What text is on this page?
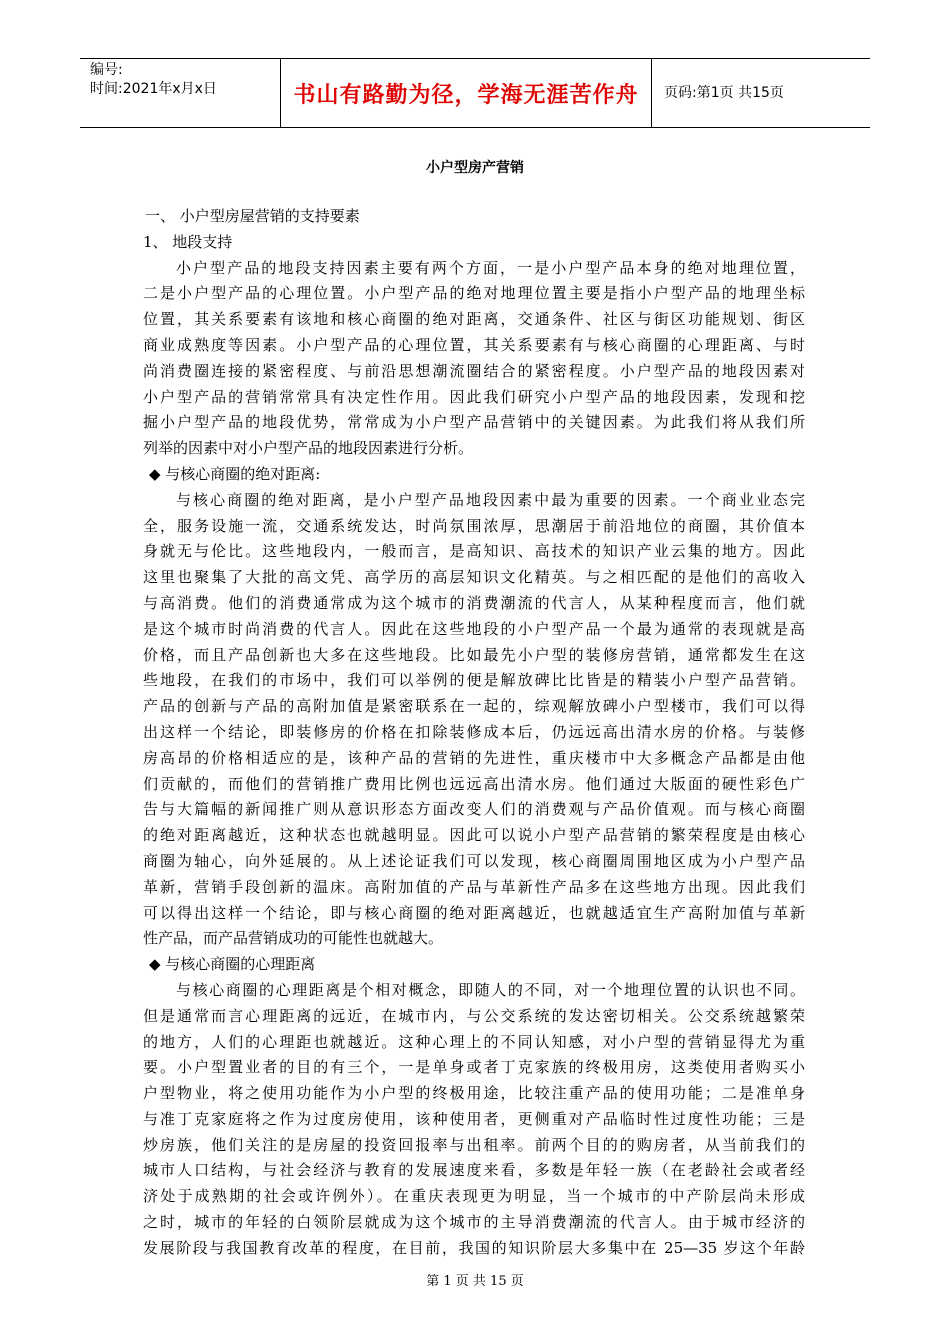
编号:
时间:2021年x月x日	书山有路勤为径，学海无涯苦作舟	页码:第1页 共15页
小户型房产营销
一、 小户型房屋营销的支持要素
1、 地段支持
小户型产品的地段支持因素主要有两个方面，一是小户型产品本身的绝对地理位置，
二是小户型产品的心理位置。小户型产品的绝对地理位置主要是指小户型产品的地理坐标
位置，其关系要素有该地和核心商圈的绝对距离，交通条件、社区与街区功能规划、街区
商业成熟度等因素。小户型产品的心理位置，其关系要素有与核心商圈的心理距离、与时
尚消费圈连接的紧密程度、与前沿思想潮流圈结合的紧密程度。小户型产品的地段因素对
小户型产品的营销常常具有决定性作用。因此我们研究小户型产品的地段因素，发现和挖
掘小户型产品的地段优势，常常成为小户型产品营销中的关键因素。为此我们将从我们所
列举的因素中对小户型产品的地段因素进行分析。
◆ 与核心商圈的绝对距离:
与核心商圈的绝对距离，是小户型产品地段因素中最为重要的因素。一个商业业态完
全，服务设施一流，交通系统发达，时尚氛围浓厚，思潮居于前沿地位的商圈，其价值本
身就无与伦比。这些地段内，一般而言，是高知识、高技术的知识产业云集的地方。因此
这里也聚集了大批的高文凭、高学历的高层知识文化精英。与之相匹配的是他们的高收入
与高消费。他们的消费通常成为这个城市的消费潮流的代言人，从某种程度而言，他们就
是这个城市时尚消费的代言人。因此在这些地段的小户型产品一个最为通常的表现就是高
价格，而且产品创新也大多在这些地段。比如最先小户型的装修房营销，通常都发生在这
些地段，在我们的市场中，我们可以举例的便是解放碑比比皆是的精装小户型产品营销。
产品的创新与产品的高附加值是紧密联系在一起的，综观解放碑小户型楼市，我们可以得
出这样一个结论，即装修房的价格在扣除装修成本后，仍远远高出清水房的价格。与装修
房高昂的价格相适应的是，该种产品的营销的先进性，重庆楼市中大多概念产品都是由他
们贡献的，而他们的营销推广费用比例也远远高出清水房。他们通过大版面的硬性彩色广
告与大篇幅的新闻推广则从意识形态方面改变人们的消费观与产品价值观。而与核心商圈
的绝对距离越近，这种状态也就越明显。因此可以说小户型产品营销的繁荣程度是由核心
商圈为轴心，向外延展的。从上述论证我们可以发现，核心商圈周围地区成为小户型产品
革新，营销手段创新的温床。高附加值的产品与革新性产品多在这些地方出现。因此我们
可以得出这样一个结论，即与核心商圈的绝对距离越近，也就越适宜生产高附加值与革新
性产品，而产品营销成功的可能性也就越大。
◆ 与核心商圈的心理距离
与核心商圈的心理距离是个相对概念，即随人的不同，对一个地理位置的认识也不同。
但是通常而言心理距离的远近，在城市内，与公交系统的发达密切相关。公交系统越繁荣
的地方，人们的心理距也就越近。这种心理上的不同认知感，对小户型的营销显得尤为重
要。小户型置业者的目的有三个，一是单身或者丁克家族的终极用房，这类使用者购买小
户型物业，将之使用功能作为小户型的终极用途，比较注重产品的使用功能；二是准单身
与准丁克家庭将之作为过度房使用，该种使用者，更侧重对产品临时性过度性功能；三是
炒房族，他们关注的是房屋的投资回报率与出租率。前两个目的的购房者，从当前我们的
城市人口结构，与社会经济与教育的发展速度来看，多数是年轻一族（在老龄社会或者经
济处于成熟期的社会或许例外）。在重庆表现更为明显，当一个城市的中产阶层尚未形成
之时，城市的年轻的白领阶层就成为这个城市的主导消费潮流的代言人。由于城市经济的
发展阶段与我国教育改革的程度，在目前，我国的知识阶层大多集中在 25—35 岁这个年龄
第 1 页 共 15 页
